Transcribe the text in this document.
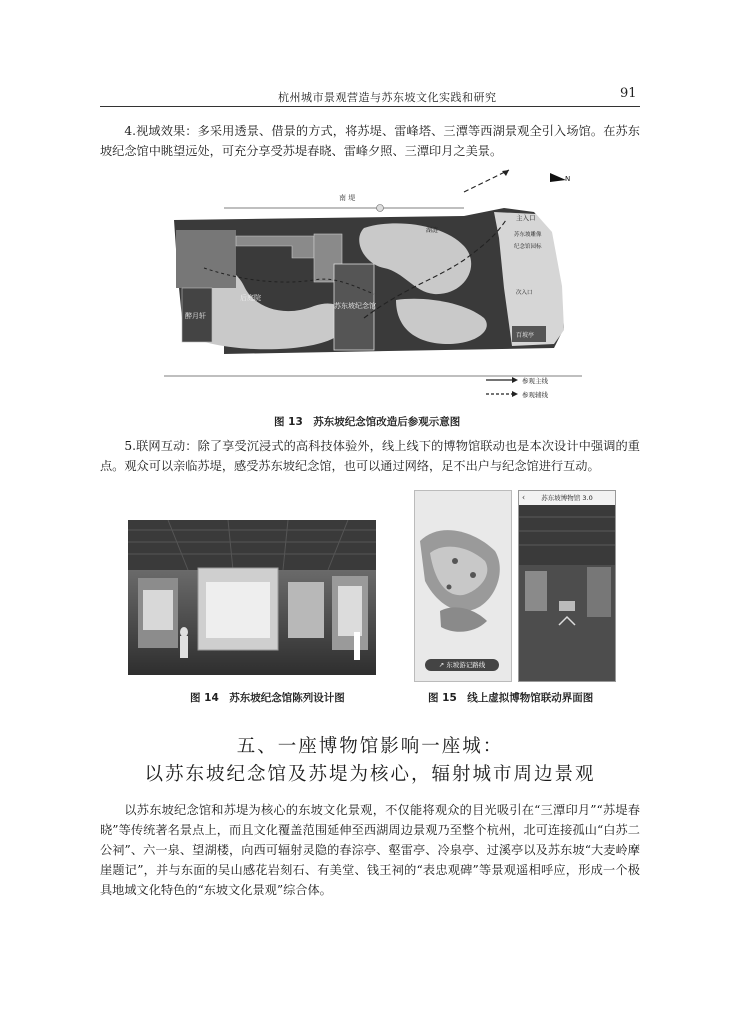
杭州城市景观营造与苏东坡文化实践和研究	91

4.视域效果：多采用透景、借景的方式，将苏堤、雷峰塔、三潭等西湖景观全引入场馆。在苏东坡纪念馆中眺望远处，可充分享受苏堤春晓、雷峰夕照、三潭印月之美景。

N
南 堤
醉月轩
苏东坡纪念馆
后庭院
湖涟
主入口
苏东坡雕像
纪念馆园标
次入口
百坡亭
参观主线
参观辅线
图 13　苏东坡纪念馆改造后参观示意图

5.联网互动：除了享受沉浸式的高科技体验外，线上线下的博物馆联动也是本次设计中强调的重点。观众可以亲临苏堤，感受苏东坡纪念馆，也可以通过网络，足不出户与纪念馆进行互动。

图 14　苏东坡纪念馆陈列设计图
↗ 东坡游记路线
苏东坡博物馆 3.0
‹
图 15　线上虚拟博物馆联动界面图
五、一座博物馆影响一座城：
以苏东坡纪念馆及苏堤为核心，辐射城市周边景观

以苏东坡纪念馆和苏堤为核心的东坡文化景观，不仅能将观众的目光吸引在“三潭印月”“苏堤春晓”等传统著名景点上，而且文化覆盖范围延伸至西湖周边景观乃至整个杭州，北可连接孤山“白苏二公祠”、六一泉、望湖楼，向西可辐射灵隐的春淙亭、壑雷亭、冷泉亭、过溪亭以及苏东坡“大麦岭摩崖题记”，并与东面的吴山感花岩刻石、有美堂、钱王祠的“表忠观碑”等景观遥相呼应，形成一个极具地域文化特色的“东坡文化景观”综合体。
